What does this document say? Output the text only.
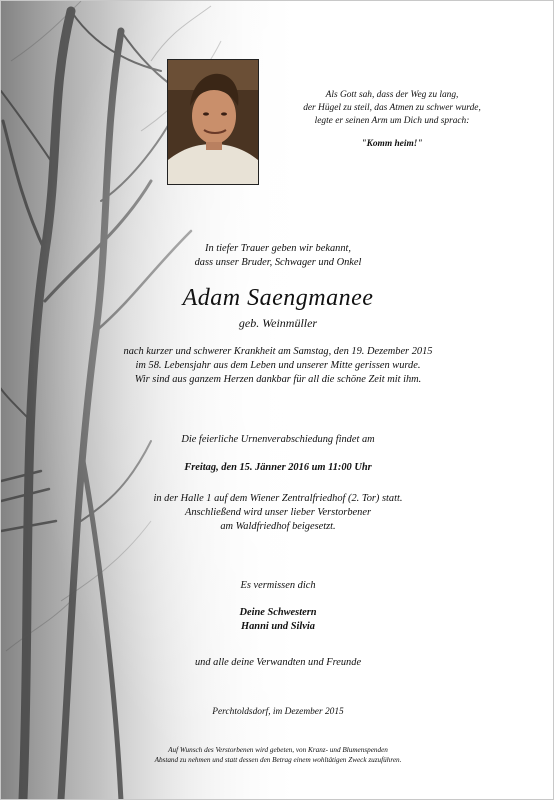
Als Gott sah, dass der Weg zu lang,
der Hügel zu steil, das Atmen zu schwer wurde,
legte er seinen Arm um Dich und sprach:
"Komm heim!"
In tiefer Trauer geben wir bekannt,
dass unser Bruder, Schwager und Onkel
Adam Saengmanee
geb. Weinmüller
nach kurzer und schwerer Krankheit am Samstag, den 19. Dezember 2015
im 58. Lebensjahr aus dem Leben und unserer Mitte gerissen wurde.
Wir sind aus ganzem Herzen dankbar für all die schöne Zeit mit ihm.
Die feierliche Urnenverabschiedung findet am
Freitag, den 15. Jänner 2016 um 11:00 Uhr
in der Halle 1 auf dem Wiener Zentralfriedhof (2. Tor) statt.
Anschließend wird unser lieber Verstorbener
am Waldfriedhof beigesetzt.
Es vermissen dich
Deine Schwestern
Hanni und Silvia
und alle deine Verwandten und Freunde
Perchtoldsdorf, im Dezember 2015
Auf Wunsch des Verstorbenen wird gebeten, von Kranz- und Blumenspenden
Abstand zu nehmen und statt dessen den Betrag einem wohltätigen Zweck zuzuführen.
